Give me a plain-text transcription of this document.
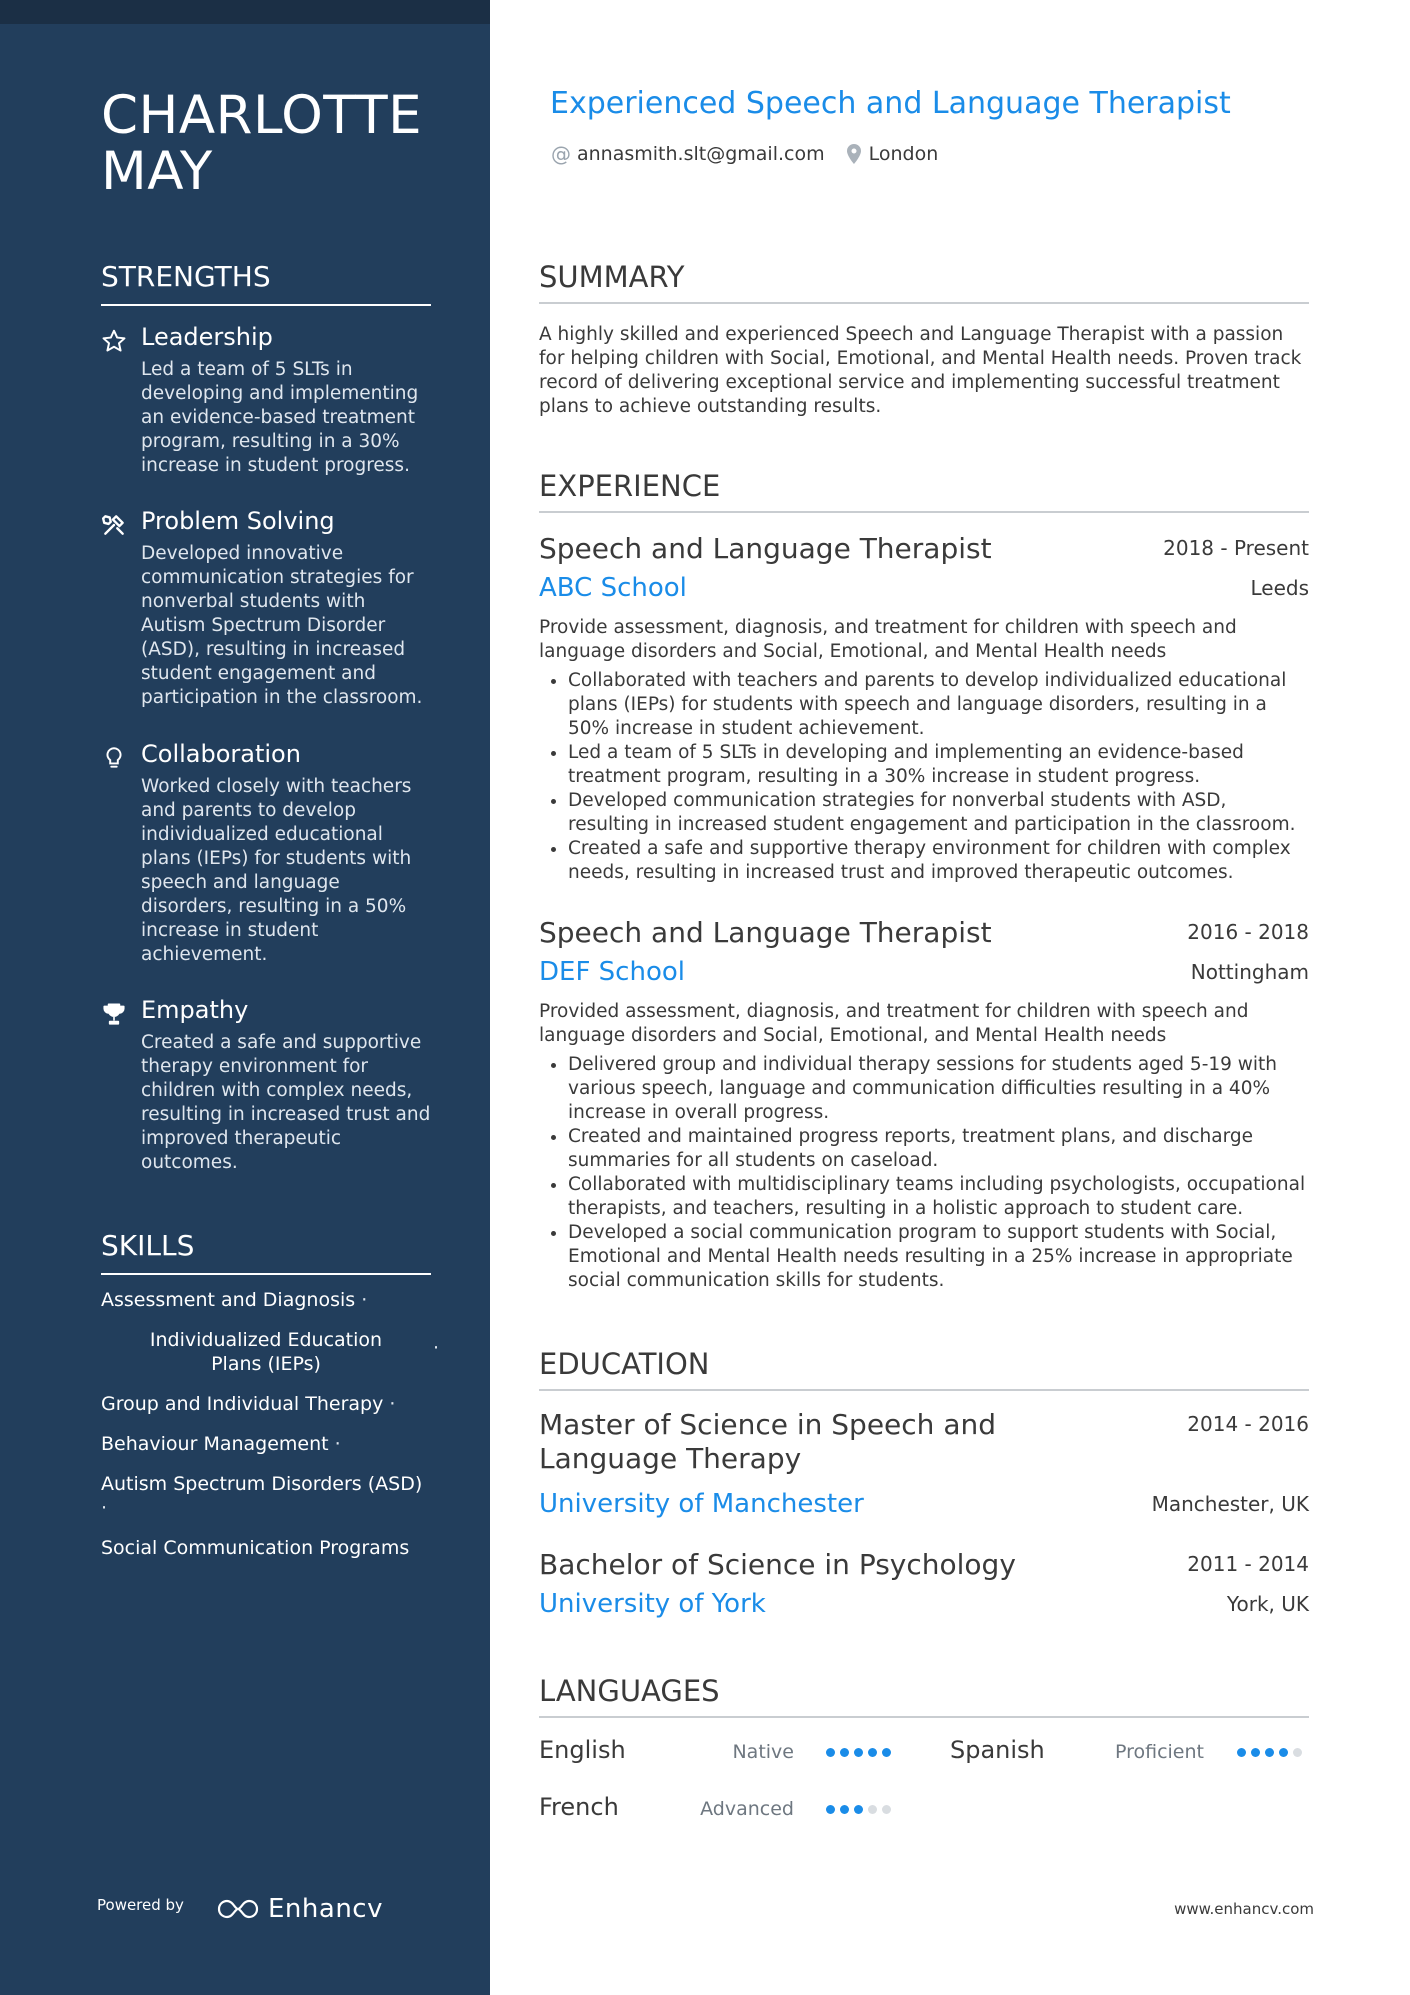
CHARLOTTE
MAY
STRENGTHS
Leadership
Led a team of 5 SLTs in developing and implementing an evidence-based treatment program, resulting in a 30% increase in student progress.
Problem Solving
Developed innovative communication strategies for nonverbal students with Autism Spectrum Disorder (ASD), resulting in increased student engagement and participation in the classroom.
Collaboration
Worked closely with teachers and parents to develop individualized educational plans (IEPs) for students with speech and language disorders, resulting in a 50% increase in student achievement.
Empathy
Created a safe and supportive therapy environment for children with complex needs, resulting in increased trust and improved therapeutic outcomes.
SKILLS
Assessment and Diagnosis ·
Individualized Education Plans (IEPs)
·
Group and Individual Therapy ·
Behaviour Management ·
Autism Spectrum Disorders (ASD) ·
Social Communication Programs
Powered by	Enhancv
Experienced Speech and Language Therapist
@ annasmith.slt@gmail.com London
SUMMARY
A highly skilled and experienced Speech and Language Therapist with a passion for helping children with Social, Emotional, and Mental Health needs. Proven track record of delivering exceptional service and implementing successful treatment plans to achieve outstanding results.
EXPERIENCE
Speech and Language Therapist	2018 - Present
ABC School	Leeds
Provide assessment, diagnosis, and treatment for children with speech and language disorders and Social, Emotional, and Mental Health needs
• Collaborated with teachers and parents to develop individualized educational plans (IEPs) for students with speech and language disorders, resulting in a 50% increase in student achievement.
• Led a team of 5 SLTs in developing and implementing an evidence-based treatment program, resulting in a 30% increase in student progress.
• Developed communication strategies for nonverbal students with ASD, resulting in increased student engagement and participation in the classroom.
• Created a safe and supportive therapy environment for children with complex needs, resulting in increased trust and improved therapeutic outcomes.
Speech and Language Therapist	2016 - 2018
DEF School	Nottingham
Provided assessment, diagnosis, and treatment for children with speech and language disorders and Social, Emotional, and Mental Health needs
• Delivered group and individual therapy sessions for students aged 5-19 with various speech, language and communication difficulties resulting in a 40% increase in overall progress.
• Created and maintained progress reports, treatment plans, and discharge summaries for all students on caseload.
• Collaborated with multidisciplinary teams including psychologists, occupational therapists, and teachers, resulting in a holistic approach to student care.
• Developed a social communication program to support students with Social, Emotional and Mental Health needs resulting in a 25% increase in appropriate social communication skills for students.
EDUCATION
Master of Science in Speech and
Language Therapy
2014 - 2016
University of Manchester	Manchester, UK
Bachelor of Science in Psychology	2011 - 2014
University of York	York, UK
LANGUAGES
English	Native	Spanish	Proficient
French	Advanced
www.enhancv.com
